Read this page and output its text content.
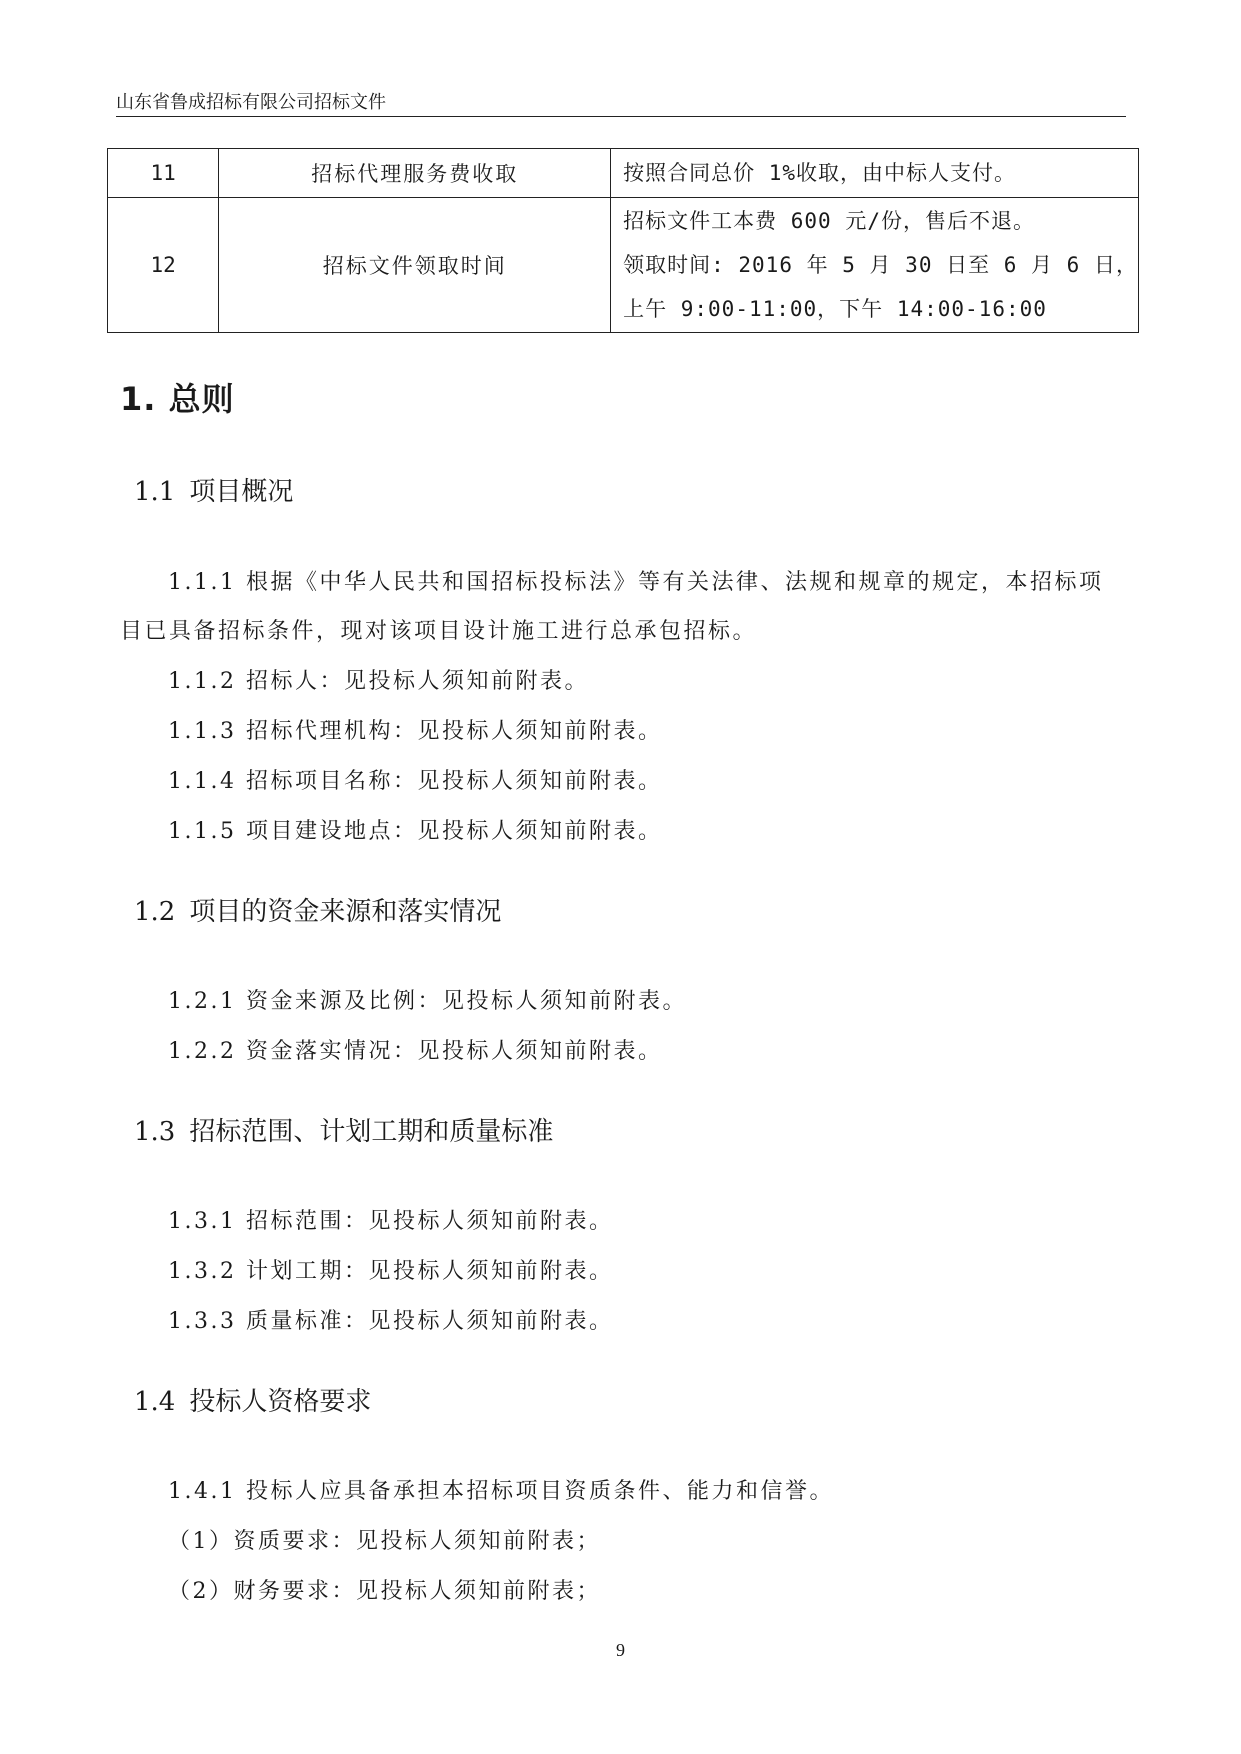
山东省鲁成招标有限公司招标文件
11	招标代理服务费收取	按照合同总价 1%收取，由中标人支付。

12	招标文件领取时间	招标文件工本费 600 元/份，售后不退。
领取时间: 2016 年 5 月 30 日至 6 月 6 日，
上午 9:00-11:00，下午 14:00-16:00
1. 总则
1.1 项目概况
1.1.1 根据《中华人民共和国招标投标法》等有关法律、法规和规章的规定，本招标项
目已具备招标条件，现对该项目设计施工进行总承包招标。
1.1.2 招标人：见投标人须知前附表。
1.1.3 招标代理机构：见投标人须知前附表。
1.1.4 招标项目名称：见投标人须知前附表。
1.1.5 项目建设地点：见投标人须知前附表。
1.2 项目的资金来源和落实情况
1.2.1 资金来源及比例：见投标人须知前附表。
1.2.2 资金落实情况：见投标人须知前附表。
1.3 招标范围、计划工期和质量标准
1.3.1 招标范围：见投标人须知前附表。
1.3.2 计划工期：见投标人须知前附表。
1.3.3 质量标准：见投标人须知前附表。
1.4 投标人资格要求
1.4.1 投标人应具备承担本招标项目资质条件、能力和信誉。
（1）资质要求：见投标人须知前附表；
（2）财务要求：见投标人须知前附表；
9
